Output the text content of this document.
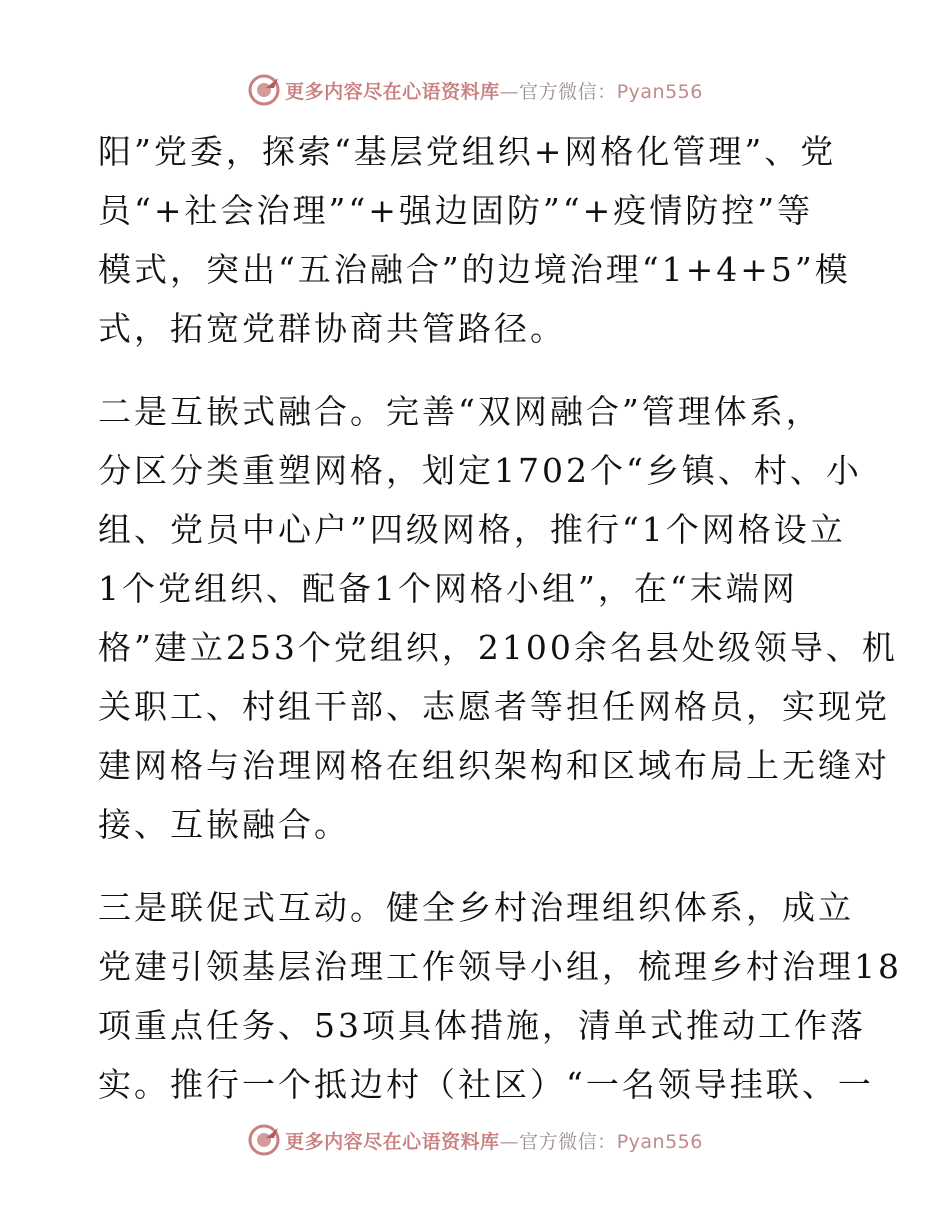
更多内容尽在心语资料库—官方微信：Pyan556

阳”党委，探索“基层党组织+网格化管理”、党
员“+社会治理”“+强边固防”“+疫情防控”等
模式，突出“五治融合”的边境治理“1+4+5”模
式，拓宽党群协商共管路径。

二是互嵌式融合。完善“双网融合”管理体系，
分区分类重塑网格，划定1702个“乡镇、村、小
组、党员中心户”四级网格，推行“1个网格设立
1个党组织、配备1个网格小组”，在“末端网
格”建立253个党组织，2100余名县处级领导、机
关职工、村组干部、志愿者等担任网格员，实现党
建网格与治理网格在组织架构和区域布局上无缝对
接、互嵌融合。

三是联促式互动。健全乡村治理组织体系，成立
党建引领基层治理工作领导小组，梳理乡村治理18
项重点任务、53项具体措施，清单式推动工作落
实。推行一个抵边村（社区）“一名领导挂联、一

更多内容尽在心语资料库—官方微信：Pyan556
